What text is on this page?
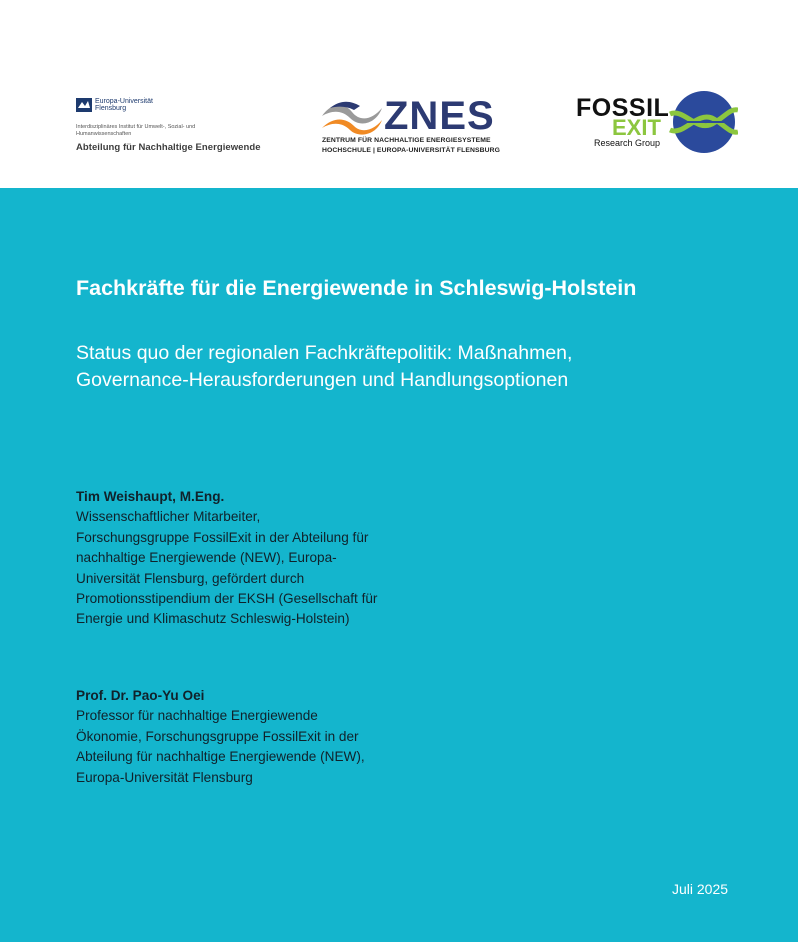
Europa-Universität
Flensburg
Interdisziplinäres Institut für Umwelt-, Sozial- und Humanwissenschaften
Abteilung für Nachhaltige Energiewende
ZNES
ZENTRUM FÜR NACHHALTIGE ENERGIESYSTEME
HOCHSCHULE | EUROPA-UNIVERSITÄT FLENSBURG
FOSSIL
EXIT
Research Group
Fachkräfte für die Energiewende in Schleswig-Holstein
Status quo der regionalen Fachkräftepolitik: Maßnahmen,
Governance-Herausforderungen und Handlungsoptionen
Tim Weishaupt, M.Eng.
Wissenschaftlicher Mitarbeiter,
Forschungsgruppe FossilExit in der Abteilung für
nachhaltige Energiewende (NEW), Europa-
Universität Flensburg, gefördert durch
Promotionsstipendium der EKSH (Gesellschaft für
Energie und Klimaschutz Schleswig-Holstein)
Prof. Dr. Pao-Yu Oei
Professor für nachhaltige Energiewende
Ökonomie, Forschungsgruppe FossilExit in der
Abteilung für nachhaltige Energiewende (NEW),
Europa-Universität Flensburg
Juli 2025
